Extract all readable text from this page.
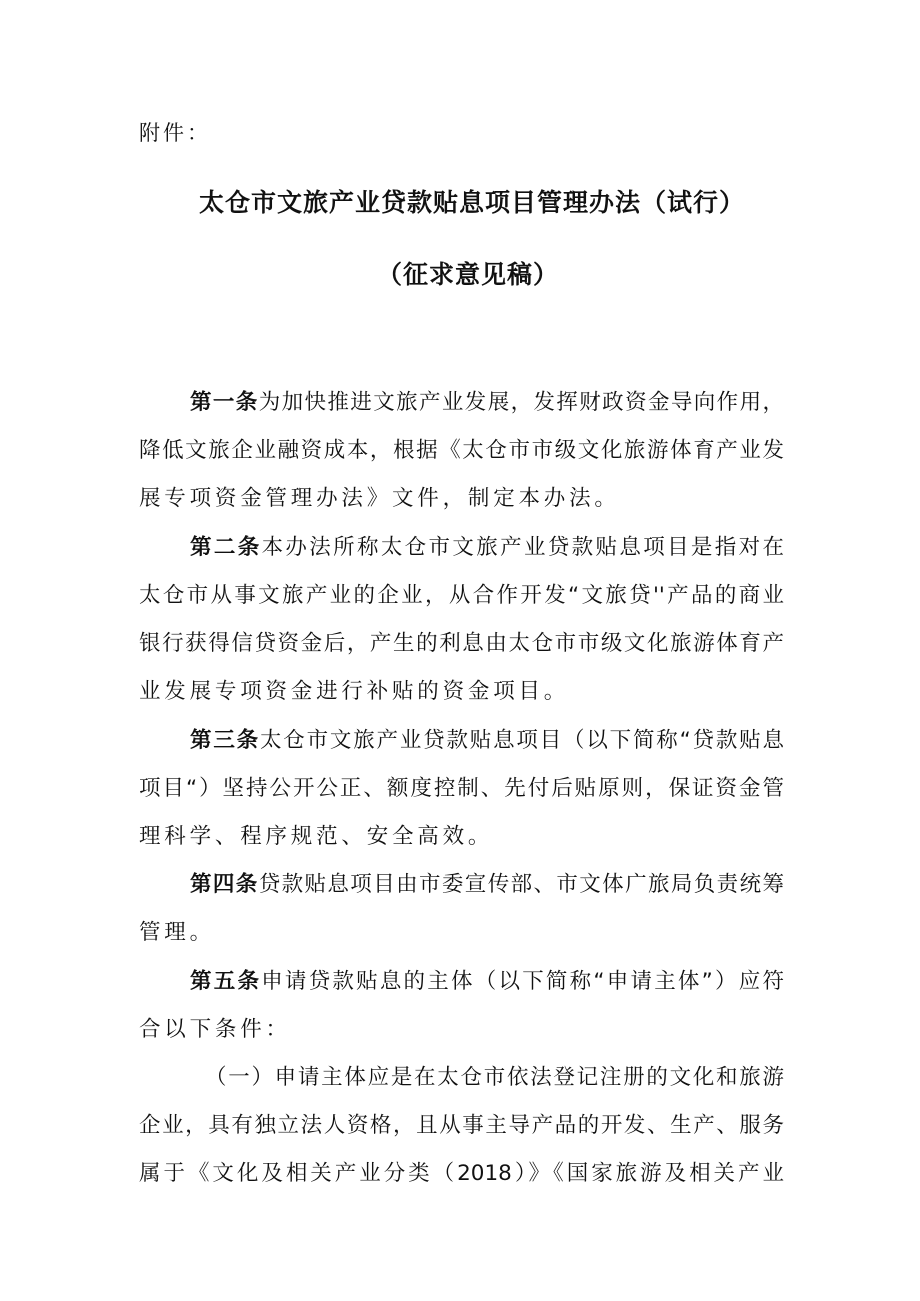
附件：
太仓市文旅产业贷款贴息项目管理办法（试行）
（征求意见稿）
第一条为加快推进文旅产业发展，发挥财政资金导向作用，
降低文旅企业融资成本，根据《太仓市市级文化旅游体育产业发
展专项资金管理办法》文件，制定本办法。
第二条本办法所称太仓市文旅产业贷款贴息项目是指对在
太仓市从事文旅产业的企业，从合作开发“文旅贷''产品的商业
银行获得信贷资金后，产生的利息由太仓市市级文化旅游体育产
业发展专项资金进行补贴的资金项目。
第三条太仓市文旅产业贷款贴息项目（以下简称“贷款贴息
项目“）坚持公开公正、额度控制、先付后贴原则，保证资金管
理科学、程序规范、安全高效。
第四条贷款贴息项目由市委宣传部、市文体广旅局负责统筹
管理。
第五条申请贷款贴息的主体（以下简称“申请主体”）应符
合以下条件：
（一）申请主体应是在太仓市依法登记注册的文化和旅游
企业，具有独立法人资格，且从事主导产品的开发、生产、服务
属于《文化及相关产业分类（2018）》《国家旅游及相关产业
